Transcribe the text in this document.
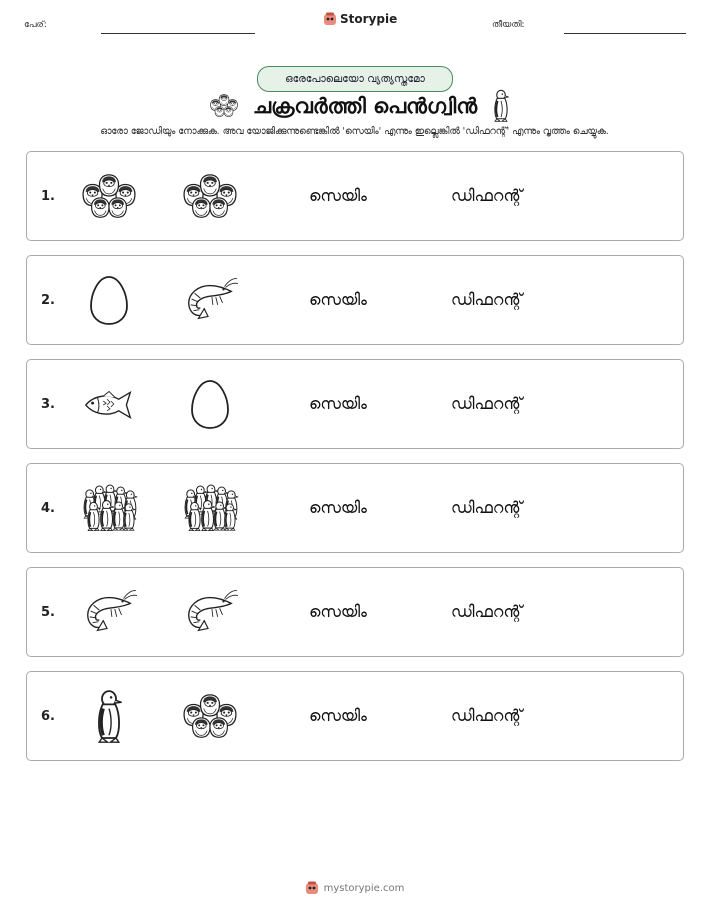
പേര്:	Storypie	തീയതി:
ഒരേപോലെയോ വ്യത്യസ്തമോ
ചക്രവർത്തി പെൻഗ്വിൻ
ഓരോ ജോഡിയും നോക്കുക. അവ യോജിക്കുന്നുണ്ടെങ്കിൽ 'സെയിം' എന്നും ഇല്ലെങ്കിൽ 'ഡിഫറന്റ്' എന്നും വൃത്തം ചെയ്യുക.
1.	സെയിം	ഡിഫറന്റ്
2.	സെയിം	ഡിഫറന്റ്
3.	സെയിം	ഡിഫറന്റ്
4.	സെയിം	ഡിഫറന്റ്
5.	സെയിം	ഡിഫറന്റ്
6.	സെയിം	ഡിഫറന്റ്
mystorypie.com
